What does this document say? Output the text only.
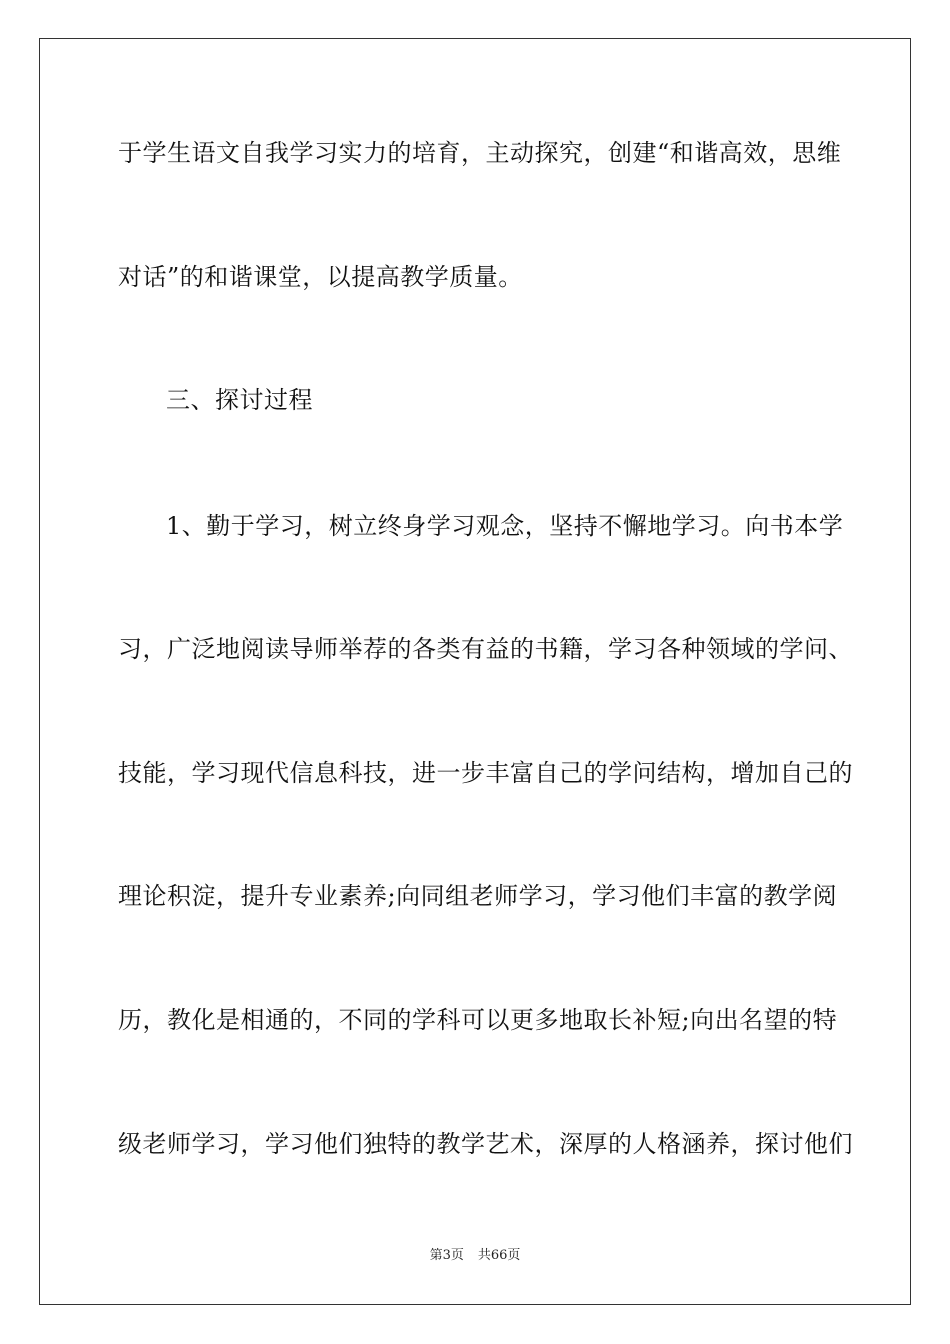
于学生语文自我学习实力的培育，主动探究，创建“和谐高效，思维
对话”的和谐课堂，以提高教学质量。
三、探讨过程
1、勤于学习，树立终身学习观念，坚持不懈地学习。向书本学
习，广泛地阅读导师举荐的各类有益的书籍，学习各种领域的学问、
技能，学习现代信息科技，进一步丰富自己的学问结构，增加自己的
理论积淀，提升专业素养;向同组老师学习，学习他们丰富的教学阅
历，教化是相通的，不同的学科可以更多地取长补短;向出名望的特
级老师学习，学习他们独特的教学艺术，深厚的人格涵养，探讨他们
第3页 共66页
